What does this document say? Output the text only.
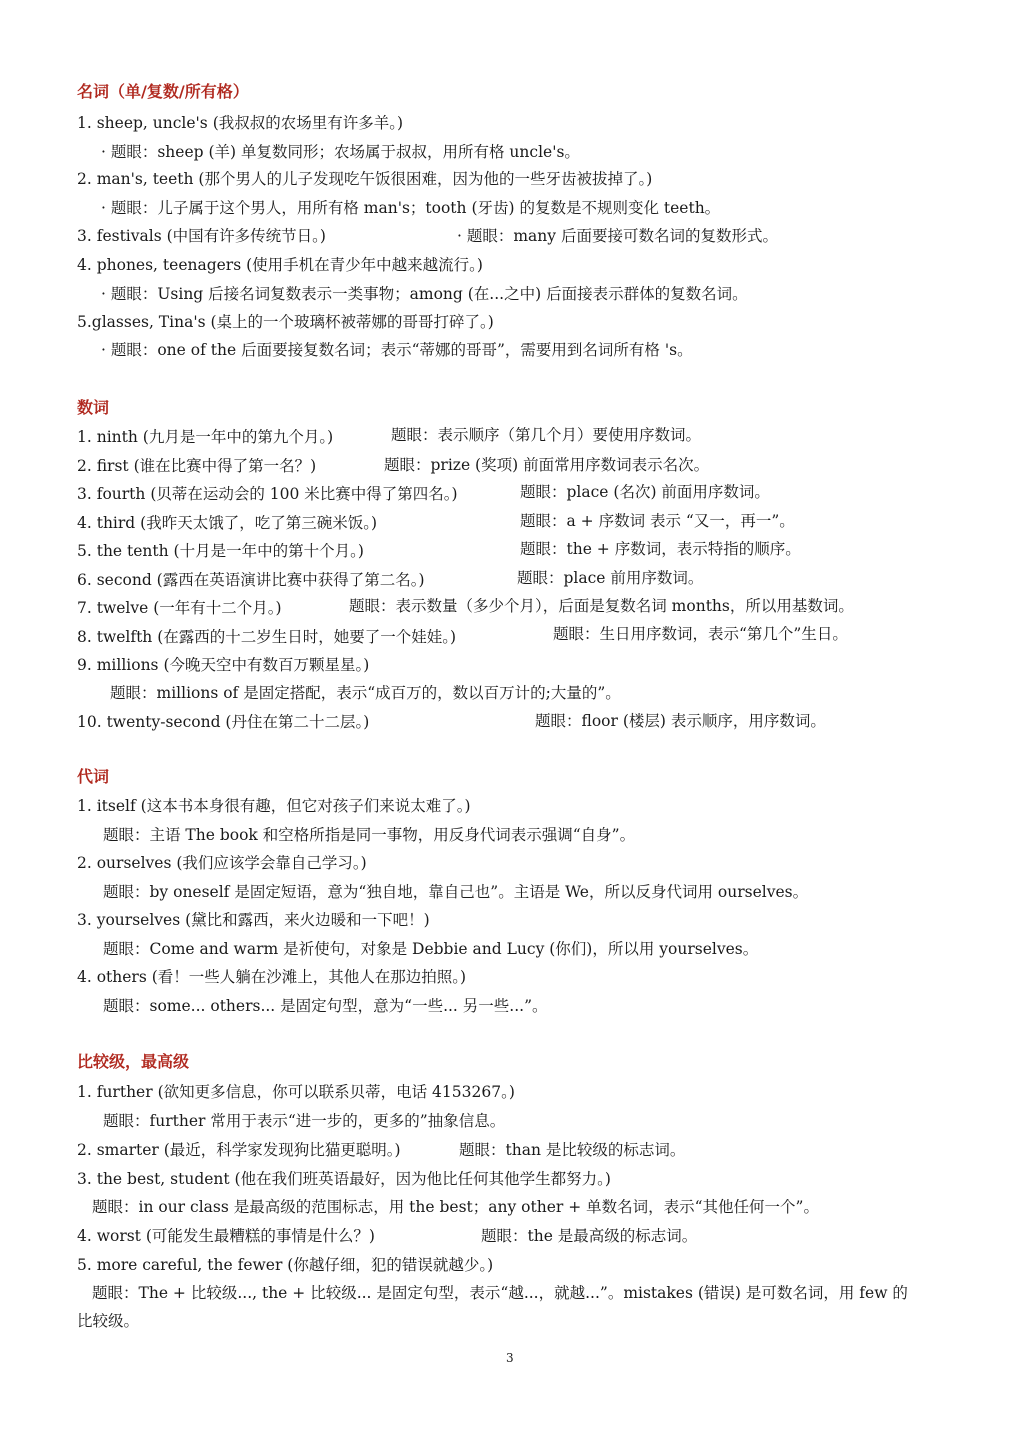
名词（单/复数/所有格）
1. sheep, uncle's (我叔叔的农场里有许多羊。)
· 题眼：sheep (羊) 单复数同形；农场属于叔叔，用所有格 uncle's。
2. man's, teeth (那个男人的儿子发现吃午饭很困难，因为他的一些牙齿被拔掉了。)
· 题眼：儿子属于这个男人，用所有格 man's；tooth (牙齿) 的复数是不规则变化 teeth。
3. festivals (中国有许多传统节日。)	· 题眼：many 后面要接可数名词的复数形式。
4. phones, teenagers (使用手机在青少年中越来越流行。)
· 题眼：Using 后接名词复数表示一类事物；among (在...之中) 后面接表示群体的复数名词。
5.glasses, Tina's (桌上的一个玻璃杯被蒂娜的哥哥打碎了。)
· 题眼：one of the 后面要接复数名词；表示“蒂娜的哥哥”，需要用到名词所有格 's。
数词
1. ninth (九月是一年中的第九个月。)	题眼：表示顺序（第几个月）要使用序数词。
2. first (谁在比赛中得了第一名？)	题眼：prize (奖项) 前面常用序数词表示名次。
3. fourth (贝蒂在运动会的 100 米比赛中得了第四名。)	题眼：place (名次) 前面用序数词。
4. third (我昨天太饿了，吃了第三碗米饭。)	题眼：a + 序数词 表示 “又一，再一”。
5. the tenth (十月是一年中的第十个月。)	题眼：the + 序数词，表示特指的顺序。
6. second (露西在英语演讲比赛中获得了第二名。)	题眼：place 前用序数词。
7. twelve (一年有十二个月。)	题眼：表示数量（多少个月），后面是复数名词 months，所以用基数词。
8. twelfth (在露西的十二岁生日时，她要了一个娃娃。)	题眼：生日用序数词，表示“第几个”生日。
9. millions (今晚天空中有数百万颗星星。)
题眼：millions of 是固定搭配，表示“成百万的，数以百万计的;大量的”。
10. twenty-second (丹住在第二十二层。)	题眼：floor (楼层) 表示顺序，用序数词。
代词
1. itself (这本书本身很有趣，但它对孩子们来说太难了。)
题眼：主语 The book 和空格所指是同一事物，用反身代词表示强调“自身”。
2. ourselves (我们应该学会靠自己学习。)
题眼：by oneself 是固定短语，意为“独自地，靠自己也”。主语是 We，所以反身代词用 ourselves。
3. yourselves (黛比和露西，来火边暖和一下吧！)
题眼：Come and warm 是祈使句，对象是 Debbie and Lucy (你们)，所以用 yourselves。
4. others (看！一些人躺在沙滩上，其他人在那边拍照。)
题眼：some... others... 是固定句型，意为“一些... 另一些...”。
比较级，最高级
1. further (欲知更多信息，你可以联系贝蒂，电话 4153267。)
题眼：further 常用于表示“进一步的，更多的”抽象信息。
2. smarter (最近，科学家发现狗比猫更聪明。)	题眼：than 是比较级的标志词。
3. the best, student (他在我们班英语最好，因为他比任何其他学生都努力。)
题眼：in our class 是最高级的范围标志，用 the best；any other + 单数名词，表示“其他任何一个”。
4. worst (可能发生最糟糕的事情是什么？)	题眼：the 是最高级的标志词。
5. more careful, the fewer (你越仔细，犯的错误就越少。)
题眼：The + 比较级..., the + 比较级... 是固定句型，表示“越...，就越...”。mistakes (错误) 是可数名词，用 few 的
比较级。
3
